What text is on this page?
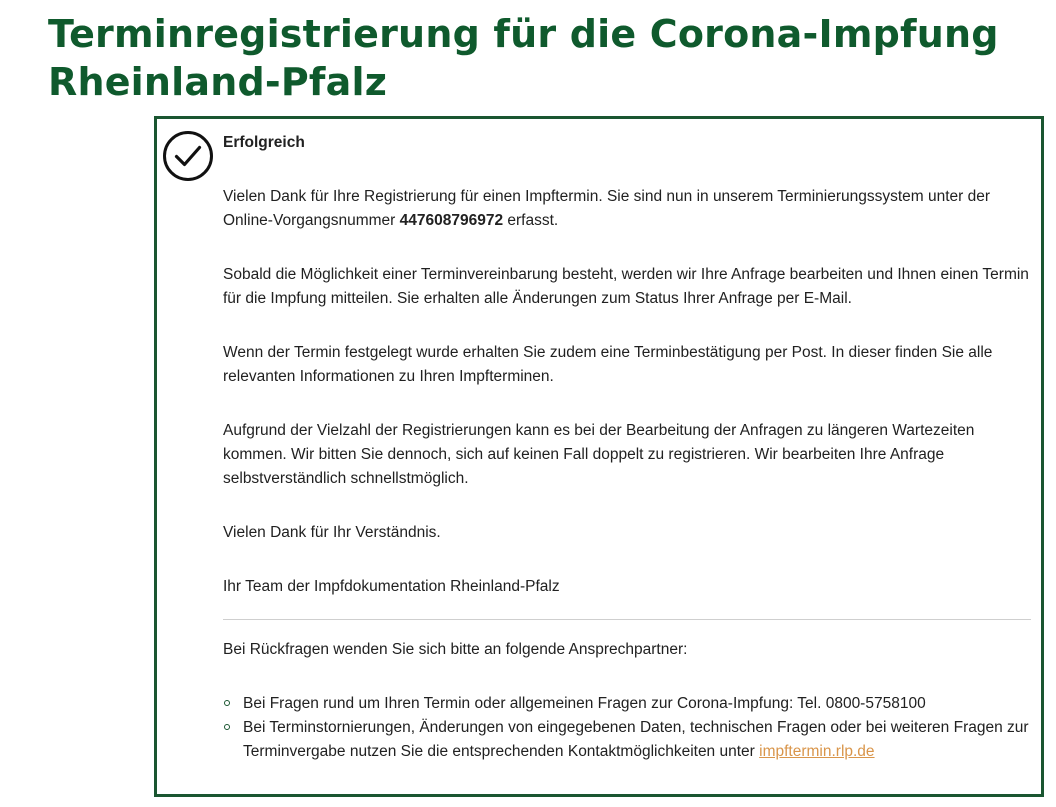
Terminregistrierung für die Corona-Impfung Rheinland-Pfalz
Erfolgreich

Vielen Dank für Ihre Registrierung für einen Impftermin. Sie sind nun in unserem Terminierungssystem unter der Online-Vorgangsnummer 447608796972 erfasst.

Sobald die Möglichkeit einer Terminvereinbarung besteht, werden wir Ihre Anfrage bearbeiten und Ihnen einen Termin für die Impfung mitteilen. Sie erhalten alle Änderungen zum Status Ihrer Anfrage per E-Mail.

Wenn der Termin festgelegt wurde erhalten Sie zudem eine Terminbestätigung per Post. In dieser finden Sie alle relevanten Informationen zu Ihren Impfterminen.

Aufgrund der Vielzahl der Registrierungen kann es bei der Bearbeitung der Anfragen zu längeren Wartezeiten kommen. Wir bitten Sie dennoch, sich auf keinen Fall doppelt zu registrieren. Wir bearbeiten Ihre Anfrage selbstverständlich schnellstmöglich.

Vielen Dank für Ihr Verständnis.

Ihr Team der Impfdokumentation Rheinland-Pfalz

Bei Rückfragen wenden Sie sich bitte an folgende Ansprechpartner:

Bei Fragen rund um Ihren Termin oder allgemeinen Fragen zur Corona-Impfung: Tel. 0800-5758100
Bei Terminstornierungen, Änderungen von eingegebenen Daten, technischen Fragen oder bei weiteren Fragen zur Terminvergabe nutzen Sie die entsprechenden Kontaktmöglichkeiten unter impftermin.rlp.de
